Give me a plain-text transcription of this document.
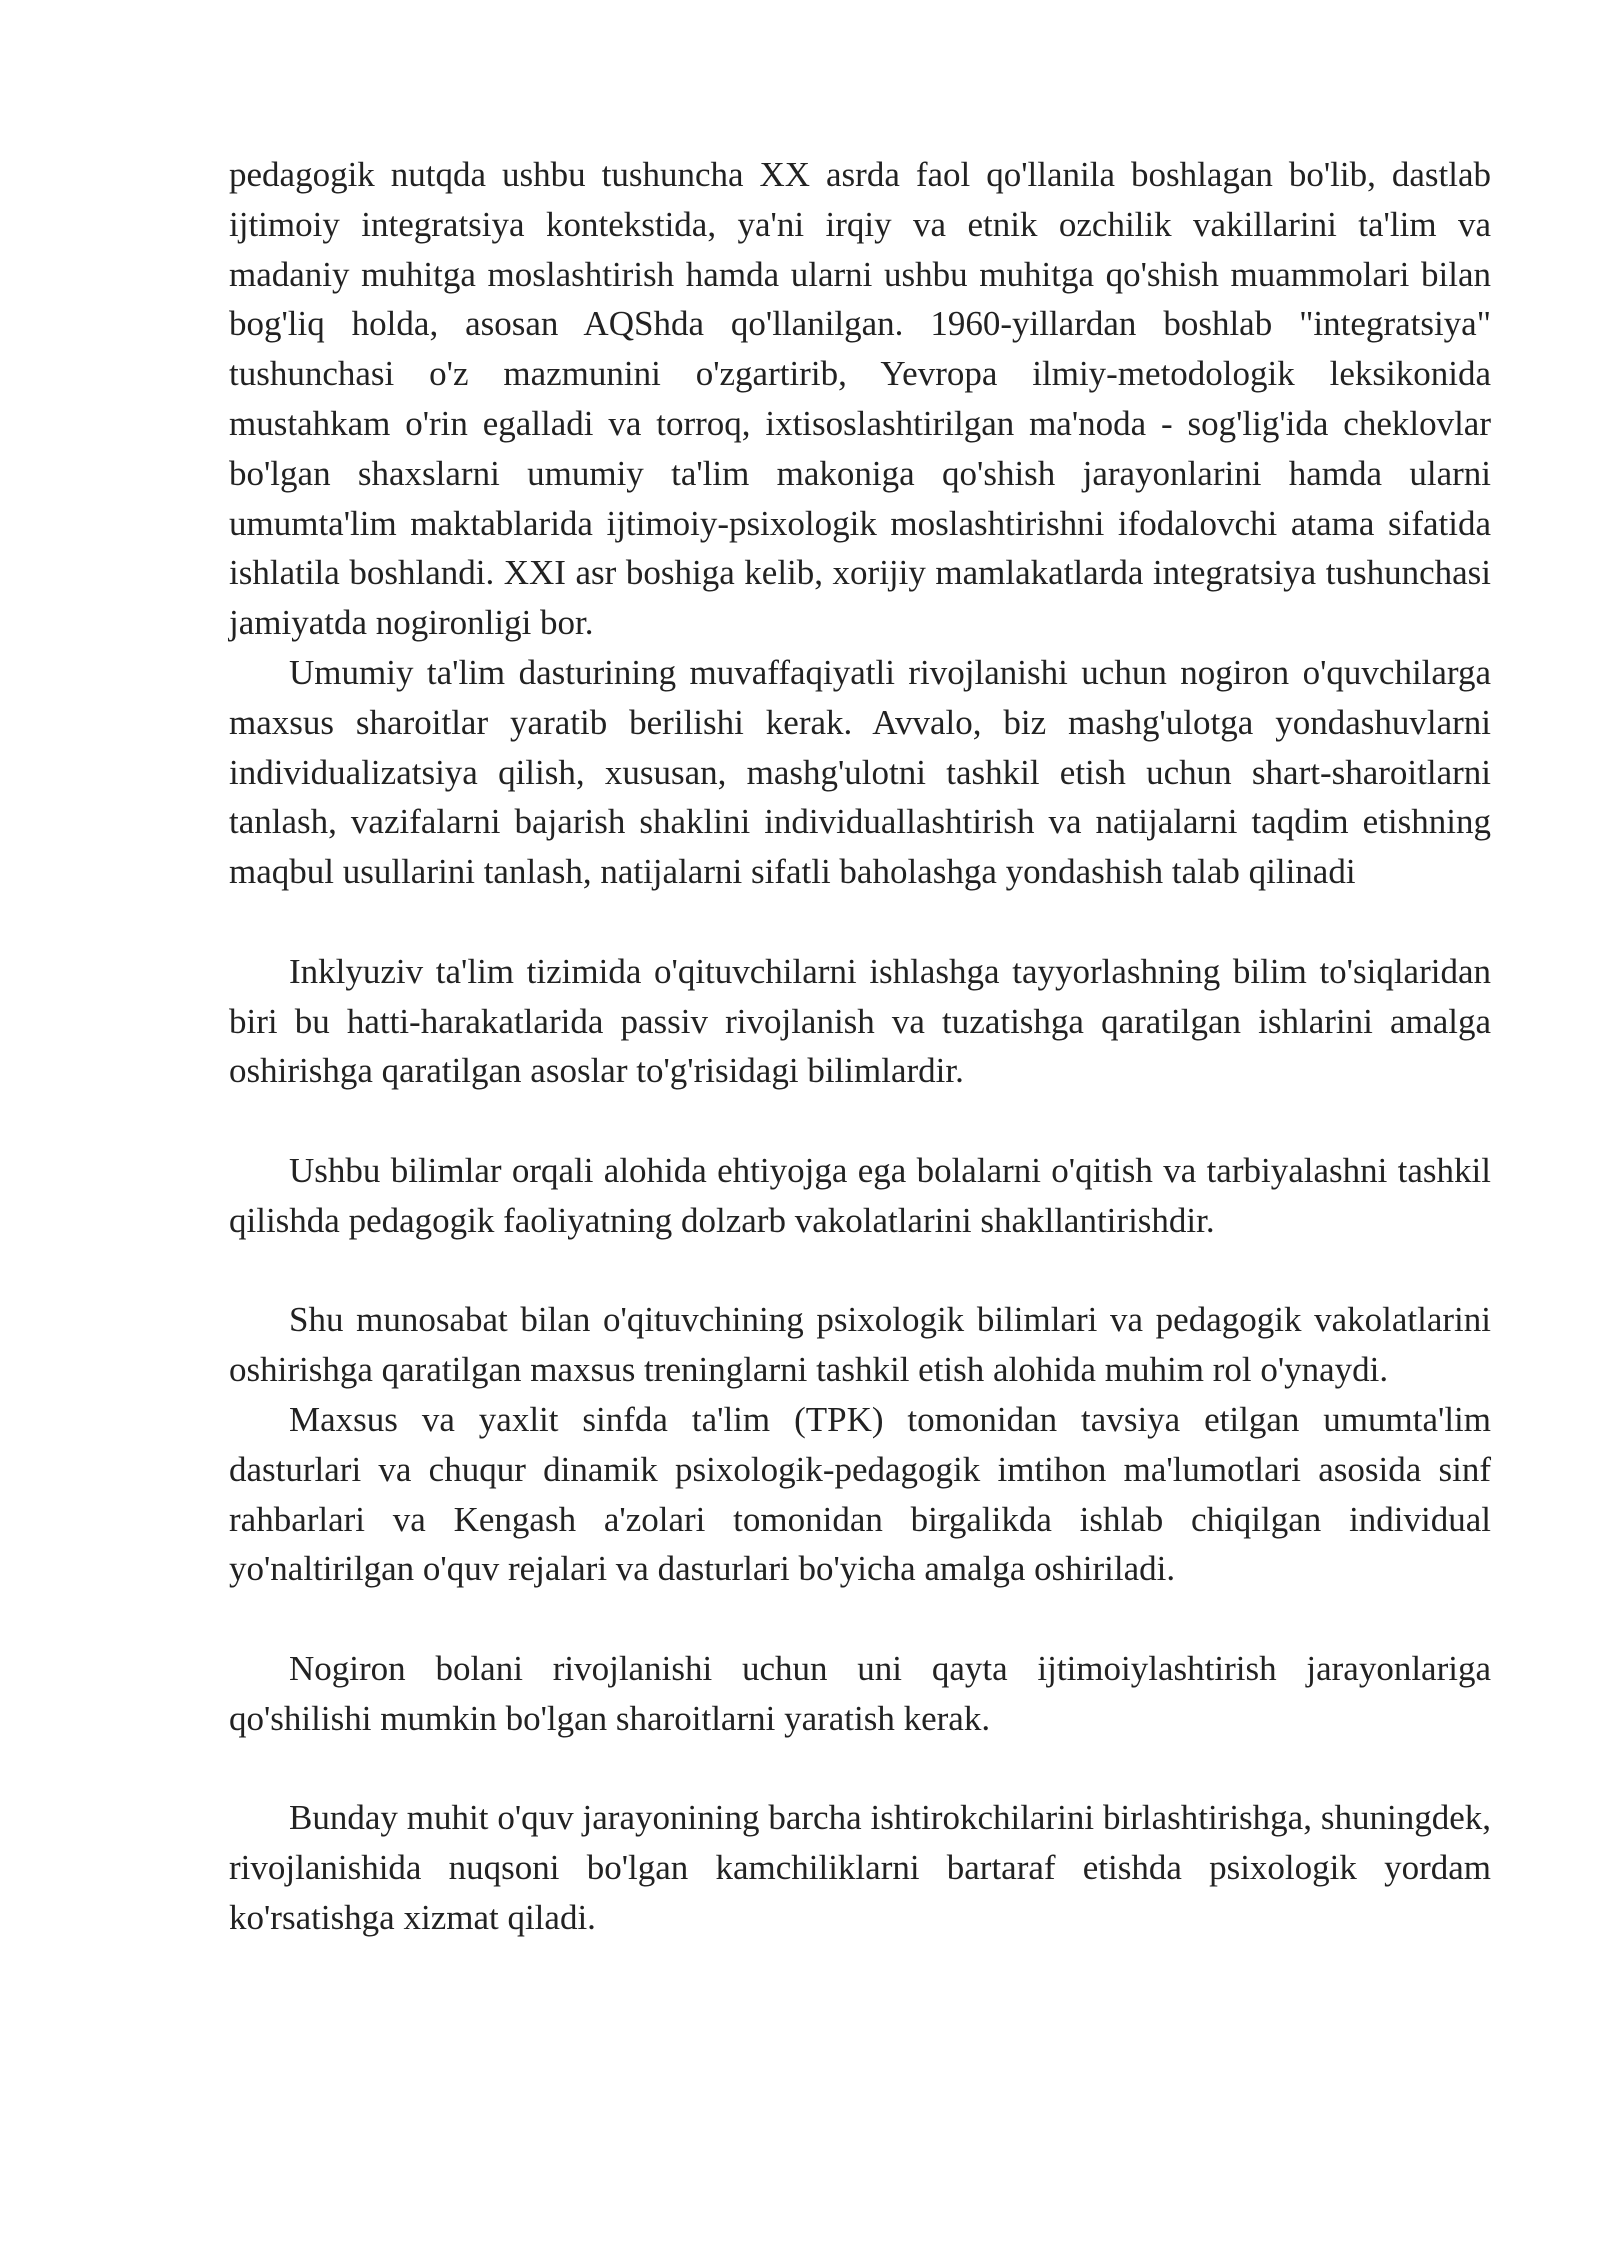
pedagogik nutqda ushbu tushuncha XX asrda faol qo'llanila boshlagan bo'lib, dastlab ijtimoiy integratsiya kontekstida, ya'ni irqiy va etnik ozchilik vakillarini ta'lim va madaniy muhitga moslashtirish hamda ularni ushbu muhitga qo'shish muammolari bilan bog'liq holda, asosan AQShda qo'llanilgan. 1960-yillardan boshlab "integratsiya" tushunchasi o'z mazmunini o'zgartirib, Yevropa ilmiy-metodologik leksikonida mustahkam o'rin egalladi va torroq, ixtisoslashtirilgan ma'noda - sog'lig'ida cheklovlar bo'lgan shaxslarni umumiy ta'lim makoniga qo'shish jarayonlarini hamda ularni umumta'lim maktablarida ijtimoiy-psixologik moslashtirishni ifodalovchi atama sifatida ishlatila boshlandi. XXI asr boshiga kelib, xorijiy mamlakatlarda integratsiya tushunchasi jamiyatda nogironligi bor.

Umumiy ta'lim dasturining muvaffaqiyatli rivojlanishi uchun nogiron o'quvchilarga maxsus sharoitlar yaratib berilishi kerak. Avvalo, biz mashg'ulotga yondashuvlarni individualizatsiya qilish, xususan, mashg'ulotni tashkil etish uchun shart-sharoitlarni tanlash, vazifalarni bajarish shaklini individuallashtirish va natijalarni taqdim etishning maqbul usullarini tanlash, natijalarni sifatli baholashga yondashish talab qilinadi

Inklyuziv ta'lim tizimida o'qituvchilarni ishlashga tayyorlashning bilim to'siqlaridan biri bu hatti-harakatlarida passiv rivojlanish va tuzatishga qaratilgan ishlarini amalga oshirishga qaratilgan asoslar to'g'risidagi bilimlardir.

Ushbu bilimlar orqali alohida ehtiyojga ega bolalarni o'qitish va tarbiyalashni tashkil qilishda pedagogik faoliyatning dolzarb vakolatlarini shakllantirishdir.

Shu munosabat bilan o'qituvchining psixologik bilimlari va pedagogik vakolatlarini oshirishga qaratilgan maxsus treninglarni tashkil etish alohida muhim rol o'ynaydi.

Maxsus va yaxlit sinfda ta'lim (TPK) tomonidan tavsiya etilgan umumta'lim dasturlari va chuqur dinamik psixologik-pedagogik imtihon ma'lumotlari asosida sinf rahbarlari va Kengash a'zolari tomonidan birgalikda ishlab chiqilgan individual yo'naltirilgan o'quv rejalari va dasturlari bo'yicha amalga oshiriladi.

Nogiron bolani rivojlanishi uchun uni qayta ijtimoiylashtirish jarayonlariga qo'shilishi mumkin bo'lgan sharoitlarni yaratish kerak.

Bunday muhit o'quv jarayonining barcha ishtirokchilarini birlashtirishga, shuningdek, rivojlanishida nuqsoni bo'lgan kamchiliklarni bartaraf etishda psixologik yordam ko'rsatishga xizmat qiladi.
